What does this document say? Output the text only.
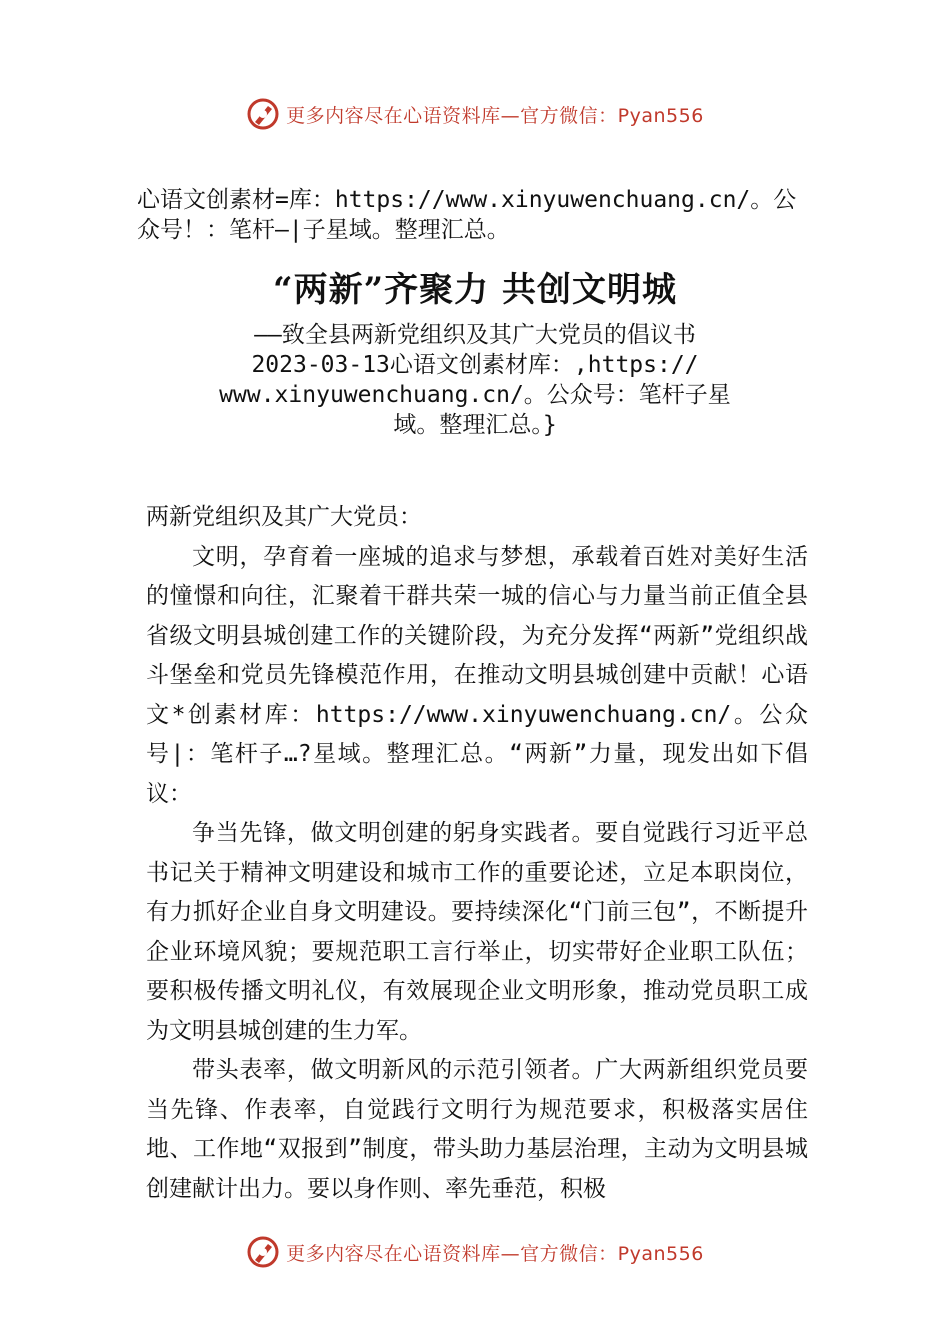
更多内容尽在心语资料库—官方微信：Pyan556
心语文创素材=库：https://www.xinyuwenchuang.cn/。公众号！：笔杆—|子星域。整理汇总。
“两新”齐聚力 共创文明城
——致全县两新党组织及其广大党员的倡议书
2023-03-13心语文创素材库：,https://
www.xinyuwenchuang.cn/。公众号：笔杆子星
域。整理汇总。}

两新党组织及其广大党员：

文明，孕育着一座城的追求与梦想，承载着百姓对美好生活的憧憬和向往，汇聚着干群共荣一城的信心与力量当前正值全县省级文明县城创建工作的关键阶段，为充分发挥“两新”党组织战斗堡垒和党员先锋模范作用，在推动文明县城创建中贡献！心语文*创素材库：https://www.xinyuwenchuang.cn/。公众号|：笔杆子…?星域。整理汇总。“两新”力量，现发出如下倡议：

争当先锋，做文明创建的躬身实践者。要自觉践行习近平总书记关于精神文明建设和城市工作的重要论述，立足本职岗位，有力抓好企业自身文明建设。要持续深化“门前三包”，不断提升企业环境风貌；要规范职工言行举止，切实带好企业职工队伍；要积极传播文明礼仪，有效展现企业文明形象，推动党员职工成为文明县城创建的生力军。

带头表率，做文明新风的示范引领者。广大两新组织党员要当先锋、作表率，自觉践行文明行为规范要求，积极落实居住地、工作地“双报到”制度，带头助力基层治理，主动为文明县城创建献计出力。要以身作则、率先垂范，积极

更多内容尽在心语资料库—官方微信：Pyan556
